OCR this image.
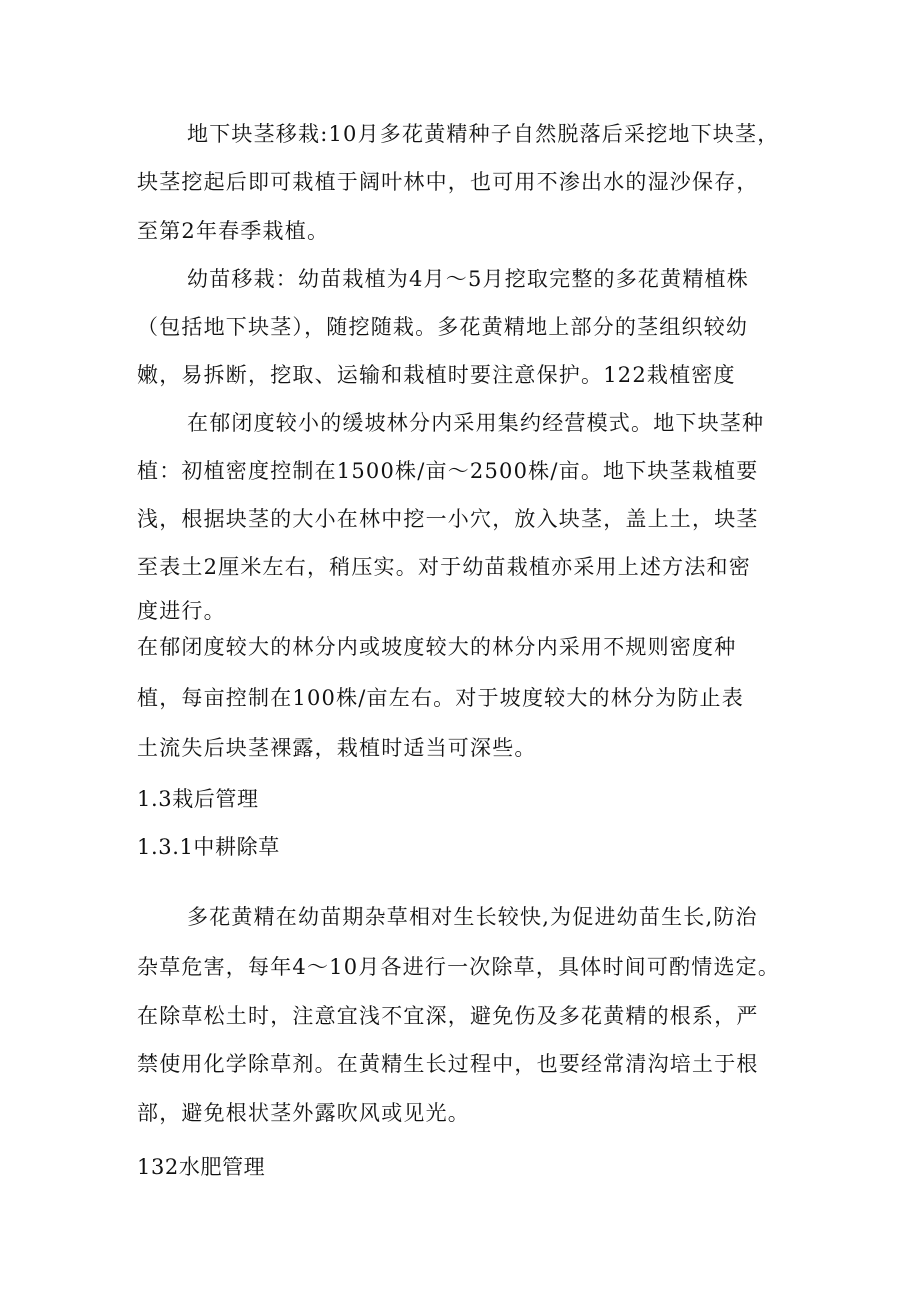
地下块茎移栽:10月多花黄精种子自然脱落后采挖地下块茎，

块茎挖起后即可栽植于阔叶林中，也可用不渗出水的湿沙保存，

至第2年春季栽植。

幼苗移栽：幼苗栽植为4月～5月挖取完整的多花黄精植株

（包括地下块茎），随挖随栽。多花黄精地上部分的茎组织较幼

嫩，易拆断，挖取、运输和栽植时要注意保护。122栽植密度

在郁闭度较小的缓坡林分内采用集约经营模式。地下块茎种

植：初植密度控制在1500株/亩～2500株/亩。地下块茎栽植要

浅，根据块茎的大小在林中挖一小穴，放入块茎，盖上土，块茎

至表土2厘米左右，稍压实。对于幼苗栽植亦采用上述方法和密

度进行。

在郁闭度较大的林分内或坡度较大的林分内采用不规则密度种

植，每亩控制在100株/亩左右。对于坡度较大的林分为防止表

土流失后块茎裸露，栽植时适当可深些。

1.3栽后管理

1.3.1中耕除草

多花黄精在幼苗期杂草相对生长较快,为促进幼苗生长,防治

杂草危害，每年4～10月各进行一次除草，具体时间可酌情选定。

在除草松土时，注意宜浅不宜深，避免伤及多花黄精的根系，严

禁使用化学除草剂。在黄精生长过程中，也要经常清沟培土于根

部，避免根状茎外露吹风或见光。

132水肥管理
